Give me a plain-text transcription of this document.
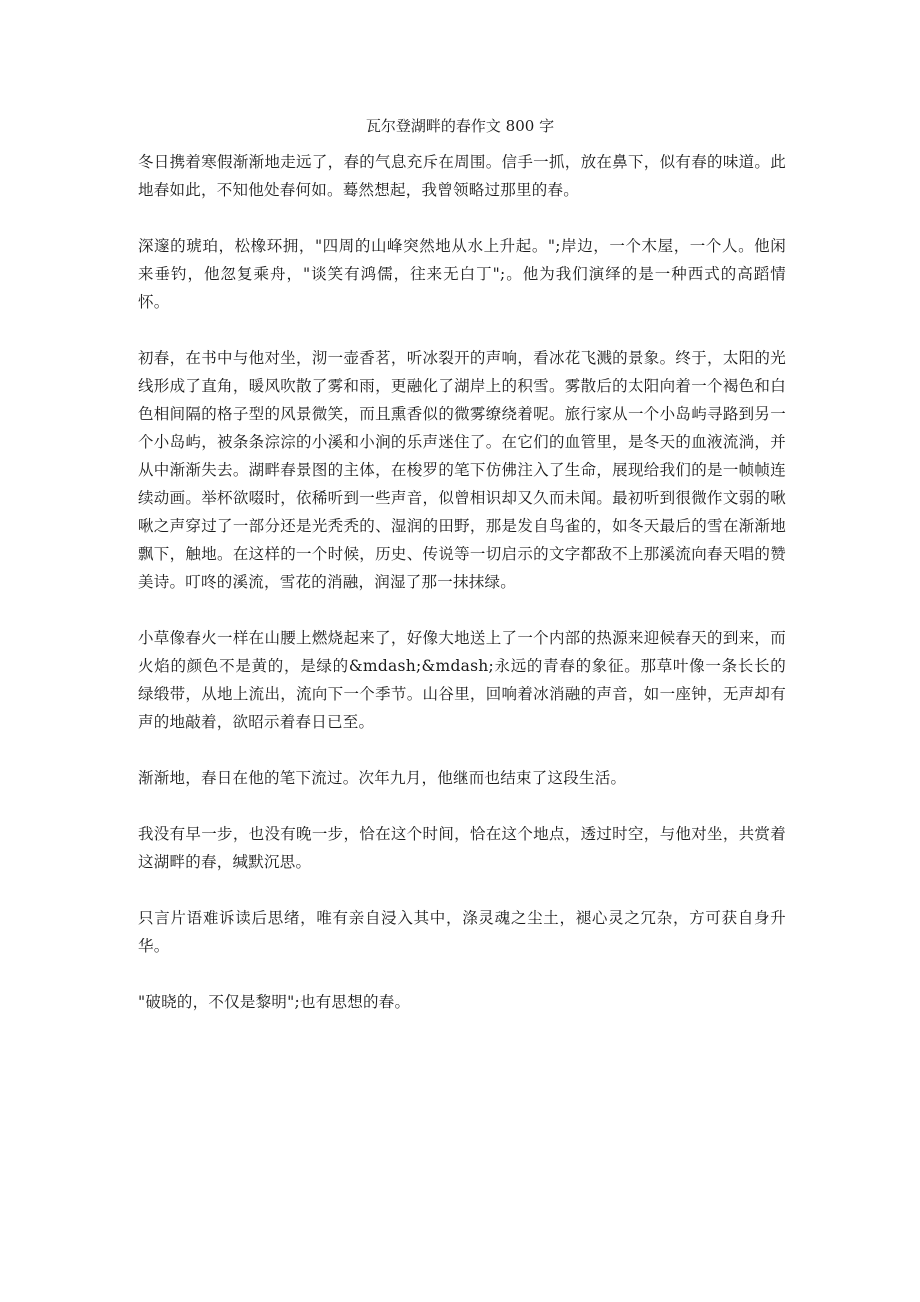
瓦尔登湖畔的春作文 800 字

冬日携着寒假渐渐地走远了，春的气息充斥在周围。信手一抓，放在鼻下，似有春的味道。此地春如此，不知他处春何如。蓦然想起，我曾领略过那里的春。

深邃的琥珀，松橡环拥，"四周的山峰突然地从水上升起。";岸边，一个木屋，一个人。他闲来垂钓，他忽复乘舟，"谈笑有鸿儒，往来无白丁";。他为我们演绎的是一种西式的高蹈情怀。

初春，在书中与他对坐，沏一壶香茗，听冰裂开的声响，看冰花飞溅的景象。终于，太阳的光线形成了直角，暖风吹散了雾和雨，更融化了湖岸上的积雪。雾散后的太阳向着一个褐色和白色相间隔的格子型的风景微笑，而且熏香似的微雾缭绕着呢。旅行家从一个小岛屿寻路到另一个小岛屿，被条条淙淙的小溪和小涧的乐声迷住了。在它们的血管里，是冬天的血液流淌，并从中渐渐失去。湖畔春景图的主体，在梭罗的笔下仿佛注入了生命，展现给我们的是一帧帧连续动画。举杯欲啜时，依稀听到一些声音，似曾相识却又久而未闻。最初听到很微作文弱的啾啾之声穿过了一部分还是光秃秃的、湿润的田野，那是发自鸟雀的，如冬天最后的雪在渐渐地飘下，触地。在这样的一个时候，历史、传说等一切启示的文字都敌不上那溪流向春天唱的赞美诗。叮咚的溪流，雪花的消融，润湿了那一抹抹绿。

小草像春火一样在山腰上燃烧起来了，好像大地送上了一个内部的热源来迎候春天的到来，而火焰的颜色不是黄的，是绿的&mdash;&mdash;永远的青春的象征。那草叶像一条长长的绿缎带，从地上流出，流向下一个季节。山谷里，回响着冰消融的声音，如一座钟，无声却有声的地敲着，欲昭示着春日已至。

渐渐地，春日在他的笔下流过。次年九月，他继而也结束了这段生活。

我没有早一步，也没有晚一步，恰在这个时间，恰在这个地点，透过时空，与他对坐，共赏着这湖畔的春，缄默沉思。

只言片语难诉读后思绪，唯有亲自浸入其中，涤灵魂之尘土，褪心灵之冗杂，方可获自身升华。

"破晓的，不仅是黎明";也有思想的春。
